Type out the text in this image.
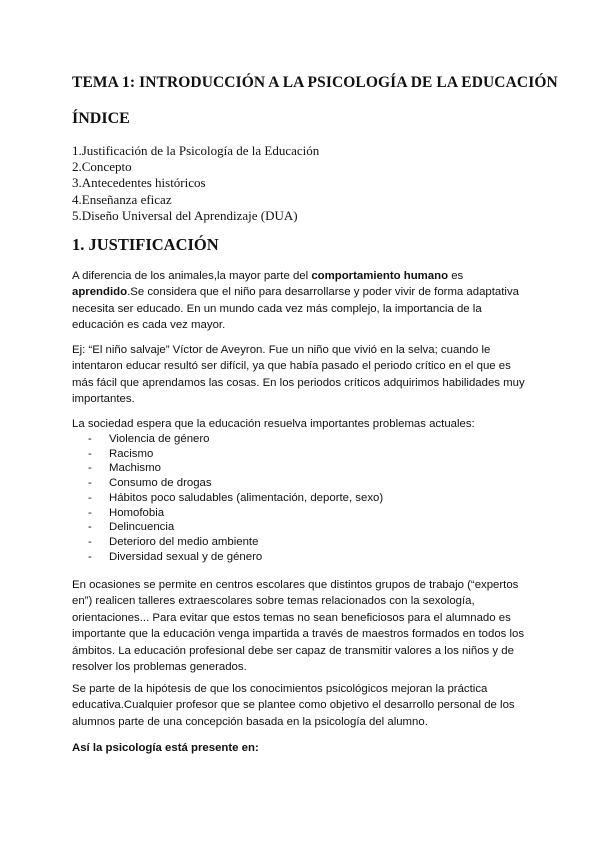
TEMA 1: INTRODUCCIÓN A LA PSICOLOGÍA DE LA EDUCACIÓN
ÍNDICE
1.Justificación de la Psicología de la Educación
2.Concepto
3.Antecedentes históricos
4.Enseñanza eficaz
5.Diseño Universal del Aprendizaje (DUA)
1. JUSTIFICACIÓN

A diferencia de los animales,la mayor parte del comportamiento humano es aprendido.Se considera que el niño para desarrollarse y poder vivir de forma adaptativa necesita ser educado. En un mundo cada vez más complejo, la importancia de la educación es cada vez mayor.

Ej: “El niño salvaje” Víctor de Aveyron. Fue un niño que vivió en la selva; cuando le intentaron educar resultó ser difícil, ya que había pasado el periodo crítico en el que es más fácil que aprendamos las cosas. En los periodos críticos adquirimos habilidades muy importantes.

La sociedad espera que la educación resuelva importantes problemas actuales:

-	Violencia de género
-	Racismo
-	Machismo
-	Consumo de drogas
-	Hábitos poco saludables (alimentación, deporte, sexo)
-	Homofobia
-	Delincuencia
-	Deterioro del medio ambiente
-	Diversidad sexual y de género

En ocasiones se permite en centros escolares que distintos grupos de trabajo (“expertos en”) realicen talleres extraescolares sobre temas relacionados con la sexología, orientaciones... Para evitar que estos temas no sean beneficiosos para el alumnado es importante que la educación venga impartida a través de maestros formados en todos los ámbitos. La educación profesional debe ser capaz de transmitir valores a los niños y de resolver los problemas generados.

Se parte de la hipótesis de que los conocimientos psicológicos mejoran la práctica educativa.Cualquier profesor que se plantee como objetivo el desarrollo personal de los alumnos parte de una concepción basada en la psicología del alumno.

Así la psicología está presente en:
